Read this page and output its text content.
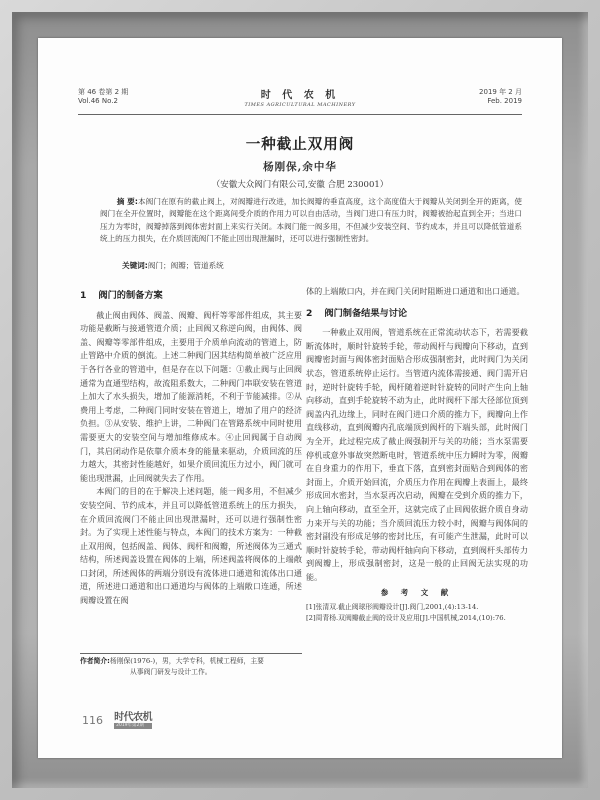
第 46 卷第 2 期
Vol.46 No.2	时 代 农 机
TIMES AGRICULTURAL MACHINERY
2019 年 2 月
Feb. 2019
一种截止双用阀
杨刚保,余中华
（安徽大众阀门有限公司,安徽 合肥 230001）
摘 要:本阀门在原有的截止阀上，对阀瓣进行改进，加长阀瓣的垂直高度，这个高度值大于阀瓣从关闭到全开的距离，使阀门在全开位置时，阀瓣能在这个距离间受介质的作用力可以自由活动，当阀门进口有压力时，阀瓣被抬起直到全开；当进口压力为零时，阀瓣掉落到阀体密封面上来实行关闭。本阀门能一阀多用，不但减少安装空间、节约成本，并且可以降低管道系统上的压力损失，在介质回流阀门不能止回出现泄漏时，还可以进行强制性密封。
关键词:阀门；阀瓣；管道系统
1 阀门的制备方案

截止阀由阀体、阀盖、阀瓣、阀杆等零部件组成，其主要功能是截断与接通管道介质；止回阀又称逆向阀，由阀体、阀盖、阀瓣等零部件组成，主要用于介质单向流动的管道上，防止管路中介质的倒流。上述二种阀门因其结构简单被广泛应用于各行各业的管道中，但是存在以下问题：①截止阀与止回阀通常为直通型结构，故流阻系数大，二种阀门串联安装在管道上加大了水头损失，增加了能源消耗，不利于节能减排。②从费用上考虑，二种阀门同时安装在管道上，增加了用户的经济负担。③从安装、维护上讲，二种阀门在管路系统中同时使用需要更大的安装空间与增加维修成本。④止回阀属于自动阀门，其启闭动作是依靠介质本身的能量来驱动，介质回流的压力越大，其密封性能越好，如果介质回流压力过小，阀门就可能出现泄漏，止回阀就失去了作用。

本阀门的目的在于解决上述问题，能一阀多用，不但减少安装空间、节约成本，并且可以降低管道系统上的压力损失，在介质回流阀门不能止回出现泄漏时，还可以进行强制性密封。为了实现上述性能与特点，本阀门的技术方案为：一种截止双用阀，包括阀盖、阀体、阀杆和阀瓣，所述阀体为三通式结构，所述阀盖设置在阀体的上端，所述阀盖将阀体的上端敞口封闭，所述阀体的两端分别设有流体进口通道和流体出口通道，所述进口通道和出口通道均与阀体的上端敞口连通，所述阀瓣设置在阀

体的上端敞口内，并在阀门关闭时阻断进口通道和出口通道。

2 阀门制备结果与讨论

一种截止双用阀，管道系统在正常流动状态下，若需要截断流体时，顺时针旋转手轮，带动阀杆与阀瓣向下移动，直到阀瓣密封面与阀体密封面贴合形成强制密封，此时阀门为关闭状态，管道系统停止运行。当管道内流体需接通、阀门需开启时，逆时针旋转手轮，阀杆随着逆时针旋转的同时产生向上轴向移动，直到手轮旋转不动为止，此时阀杆下部大径部位顶到阀盖内孔边缘上，同时在阀门进口介质的推力下，阀瓣向上作直线移动，直到阀瓣内孔底端顶到阀杆的下端头部，此时阀门为全开，此过程完成了截止阀强制开与关的功能；当水泵需要停机或意外事故突然断电时，管道系统中压力瞬时为零，阀瓣在自身重力的作用下，垂直下落，直到密封面贴合到阀体的密封面上，介质开始回流，介质压力作用在阀瓣上表面上，最终形成回水密封，当水泵再次启动，阀瓣在受到介质的推力下，向上轴向移动，直至全开，这就完成了止回阀依据介质自身动力来开与关的功能；当介质回流压力较小时，阀瓣与阀体间的密封副没有形成足够的密封比压，有可能产生泄漏，此时可以顺时针旋转手轮，带动阀杆轴向向下移动，直到阀杆头部传力到阀瓣上，形成强制密封，这是一般的止回阀无法实现的功能。

参 考 文 献
[1]张清双.截止阀球形阀瓣设计[J].阀门,2001,(4):13-14.
[2]周青杨.双阀瓣截止阀的设计及应用[J].中国机械,2014,(10):76.
作者简介:杨刚保(1976-)，男，大学专科，机械工程师，主要
从事阀门研发与设计工作。
116 时代农机
2019年第2期
